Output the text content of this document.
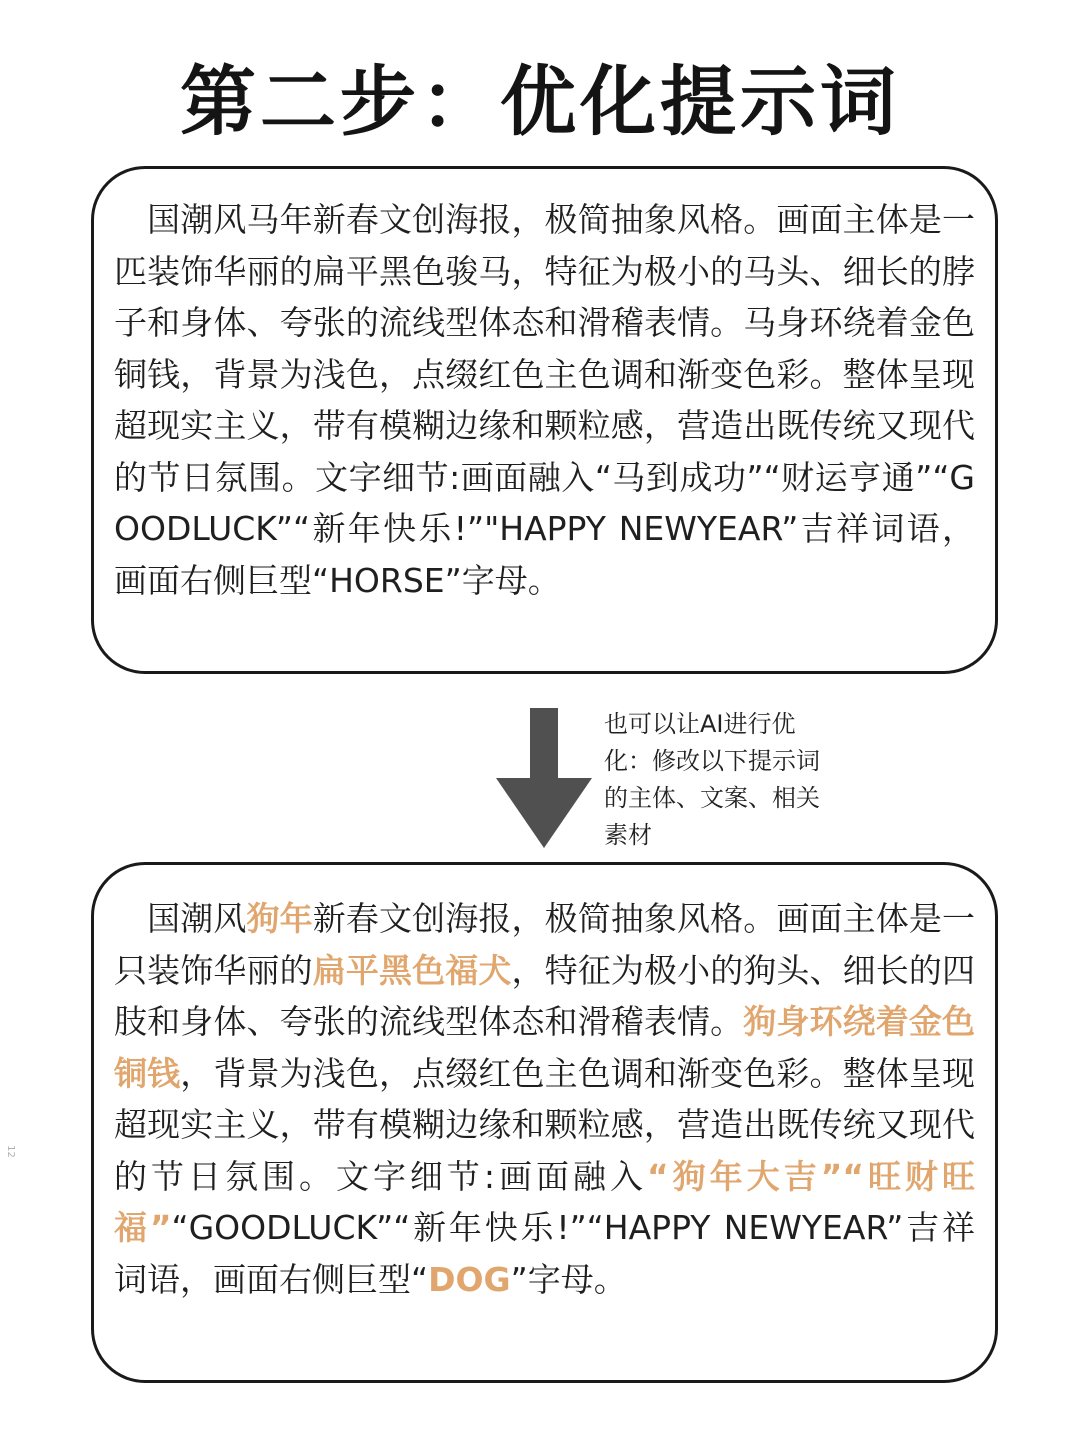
第二步：优化提示词
 国潮风马年新春文创海报，极简抽象风格。画面主体是一匹装饰华丽的扁平黑色骏马，特征为极小的马头、细长的脖子和身体、夸张的流线型体态和滑稽表情。马身环绕着金色铜钱，背景为浅色，点缀红色主色调和渐变色彩。整体呈现超现实主义，带有模糊边缘和颗粒感，营造出既传统又现代的节日氛围。文字细节:画面融入“马到成功”“财运亨通”“GOODLUCK”“新年快乐!”"HAPPY NEWYEAR”吉祥词语，画面右侧巨型“HORSE”字母。
也可以让AI进行优化：修改以下提示词的主体、文案、相关素材
 国潮风狗年新春文创海报，极简抽象风格。画面主体是一只装饰华丽的扁平黑色福犬，特征为极小的狗头、细长的四肢和身体、夸张的流线型体态和滑稽表情。狗身环绕着金色铜钱，背景为浅色，点缀红色主色调和渐变色彩。整体呈现超现实主义，带有模糊边缘和颗粒感，营造出既传统又现代的节日氛围。文字细节:画面融入“狗年大吉”“旺财旺福”“GOODLUCK”“新年快乐!”“HAPPY NEWYEAR”吉祥词语，画面右侧巨型“DOG”字母。
12
